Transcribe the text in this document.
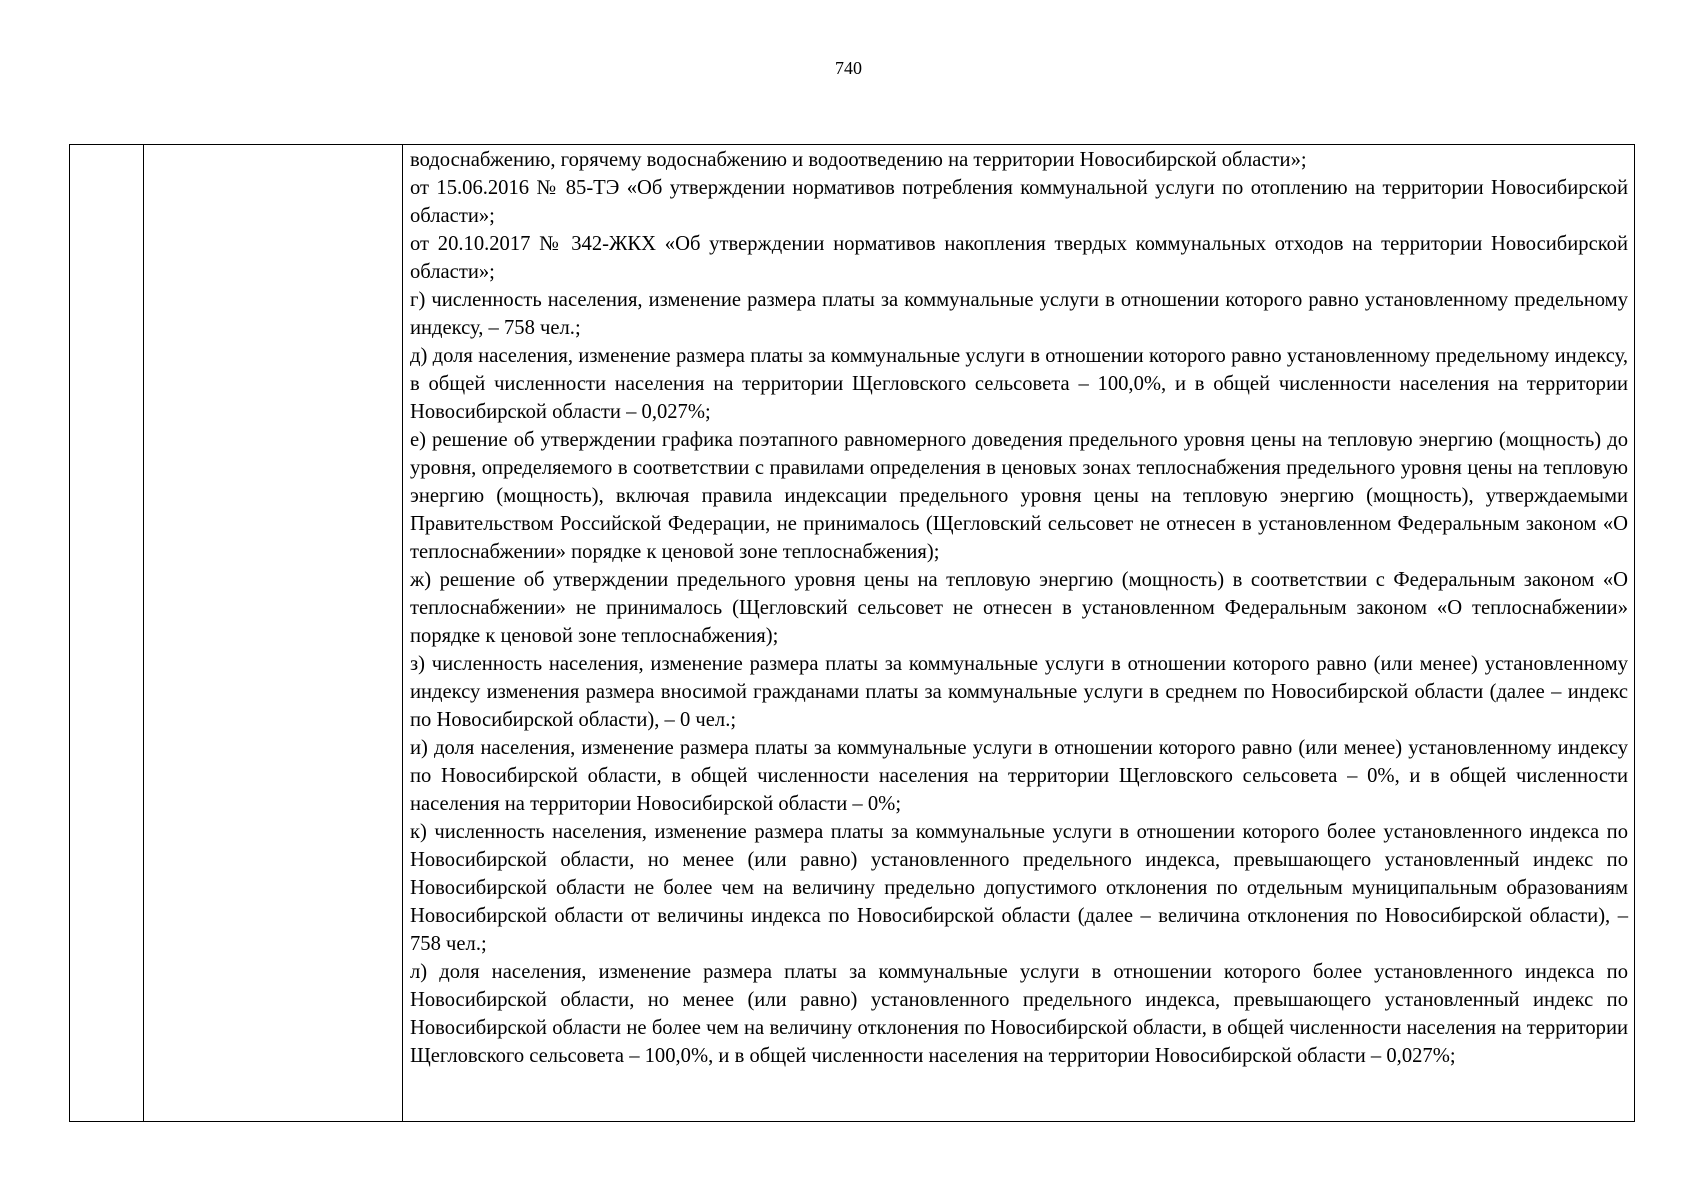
740

водоснабжению, горячему водоснабжению и водоотведению на территории Новосибирской области»;

от 15.06.2016 № 85-ТЭ «Об утверждении нормативов потребления коммунальной услуги по отоплению на территории Новосибирской области»;

от 20.10.2017 № 342-ЖКХ «Об утверждении нормативов накопления твердых коммунальных отходов на территории Новосибирской области»;

г) численность населения, изменение размера платы за коммунальные услуги в отношении которого равно установленному предельному индексу, – 758 чел.;

д) доля населения, изменение размера платы за коммунальные услуги в отношении которого равно установленному предельному индексу, в общей численности населения на территории Щегловского сельсовета – 100,0%, и в общей численности населения на территории Новосибирской области – 0,027%;

е) решение об утверждении графика поэтапного равномерного доведения предельного уровня цены на тепловую энергию (мощность) до уровня, определяемого в соответствии с правилами определения в ценовых зонах теплоснабжения предельного уровня цены на тепловую энергию (мощность), включая правила индексации предельного уровня цены на тепловую энергию (мощность), утверждаемыми Правительством Российской Федерации, не принималось (Щегловский сельсовет не отнесен в установленном Федеральным законом «О теплоснабжении» порядке к ценовой зоне теплоснабжения);

ж) решение об утверждении предельного уровня цены на тепловую энергию (мощность) в соответствии с Федеральным законом «О теплоснабжении» не принималось (Щегловский сельсовет не отнесен в установленном Федеральным законом «О теплоснабжении» порядке к ценовой зоне теплоснабжения);

з) численность населения, изменение размера платы за коммунальные услуги в отношении которого равно (или менее) установленному индексу изменения размера вносимой гражданами платы за коммунальные услуги в среднем по Новосибирской области (далее – индекс по Новосибирской области), – 0 чел.;

и) доля населения, изменение размера платы за коммунальные услуги в отношении которого равно (или менее) установленному индексу по Новосибирской области, в общей численности населения на территории Щегловского сельсовета – 0%, и в общей численности населения на территории Новосибирской области – 0%;

к) численность населения, изменение размера платы за коммунальные услуги в отношении которого более установленного индекса по Новосибирской области, но менее (или равно) установленного предельного индекса, превышающего установленный индекс по Новосибирской области не более чем на величину предельно допустимого отклонения по отдельным муниципальным образованиям Новосибирской области от величины индекса по Новосибирской области (далее – величина отклонения по Новосибирской области), – 758 чел.;

л) доля населения, изменение размера платы за коммунальные услуги в отношении которого более установленного индекса по Новосибирской области, но менее (или равно) установленного предельного индекса, превышающего установленный индекс по Новосибирской области не более чем на величину отклонения по Новосибирской области, в общей численности населения на территории Щегловского сельсовета – 100,0%, и в общей численности населения на территории Новосибирской области – 0,027%;
